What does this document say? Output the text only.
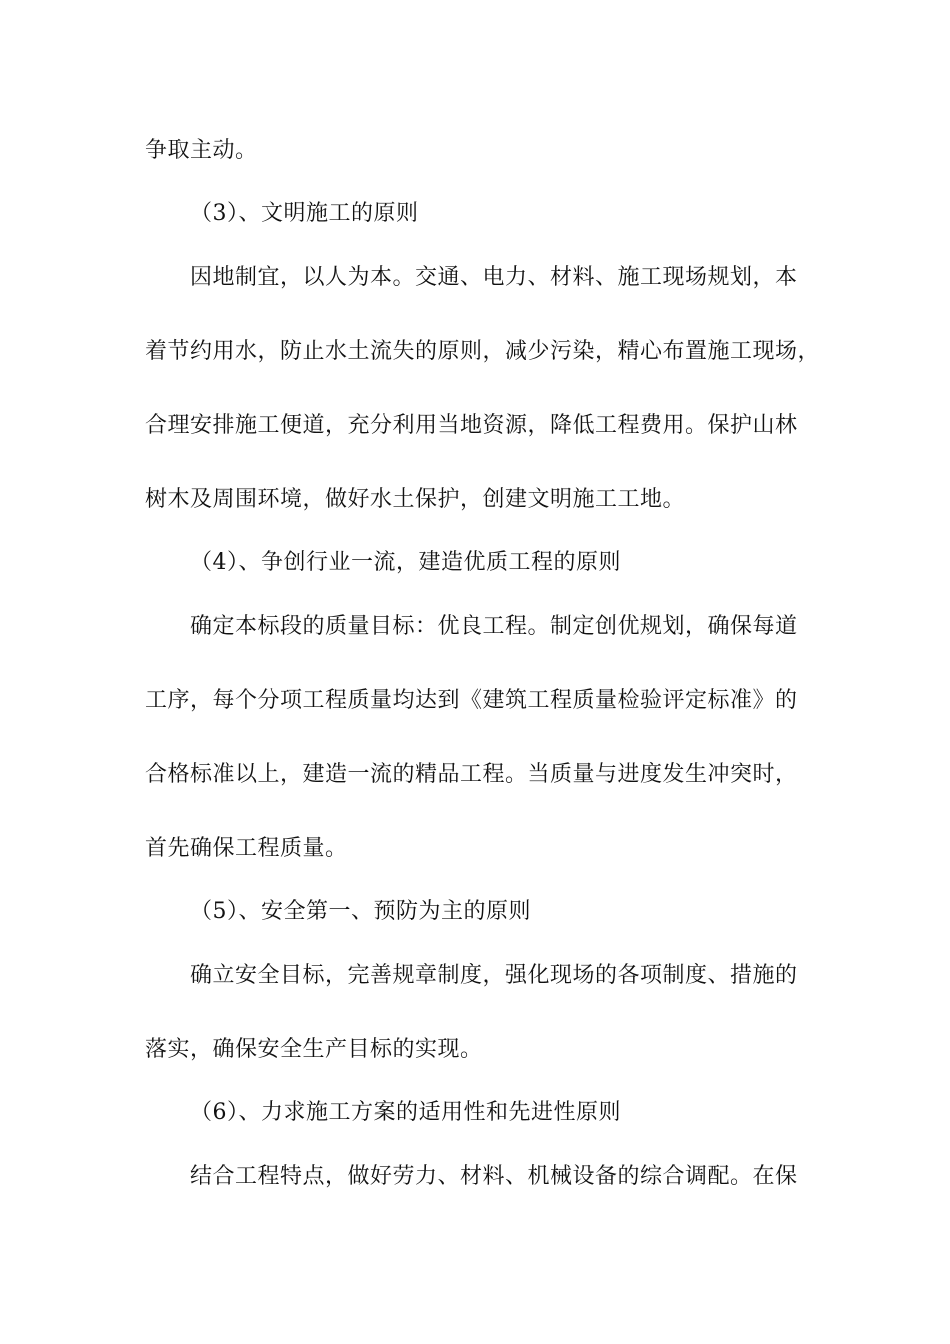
争取主动。
（3）、文明施工的原则
因地制宜，以人为本。交通、电力、材料、施工现场规划，本
着节约用水，防止水土流失的原则，减少污染，精心布置施工现场，
合理安排施工便道，充分利用当地资源，降低工程费用。保护山林
树木及周围环境，做好水土保护，创建文明施工工地。
（4）、争创行业一流，建造优质工程的原则
确定本标段的质量目标：优良工程。制定创优规划，确保每道
工序，每个分项工程质量均达到《建筑工程质量检验评定标准》的
合格标准以上，建造一流的精品工程。当质量与进度发生冲突时，
首先确保工程质量。
（5）、安全第一、预防为主的原则
确立安全目标，完善规章制度，强化现场的各项制度、措施的
落实，确保安全生产目标的实现。
（6）、力求施工方案的适用性和先进性原则
结合工程特点，做好劳力、材料、机械设备的综合调配。在保
